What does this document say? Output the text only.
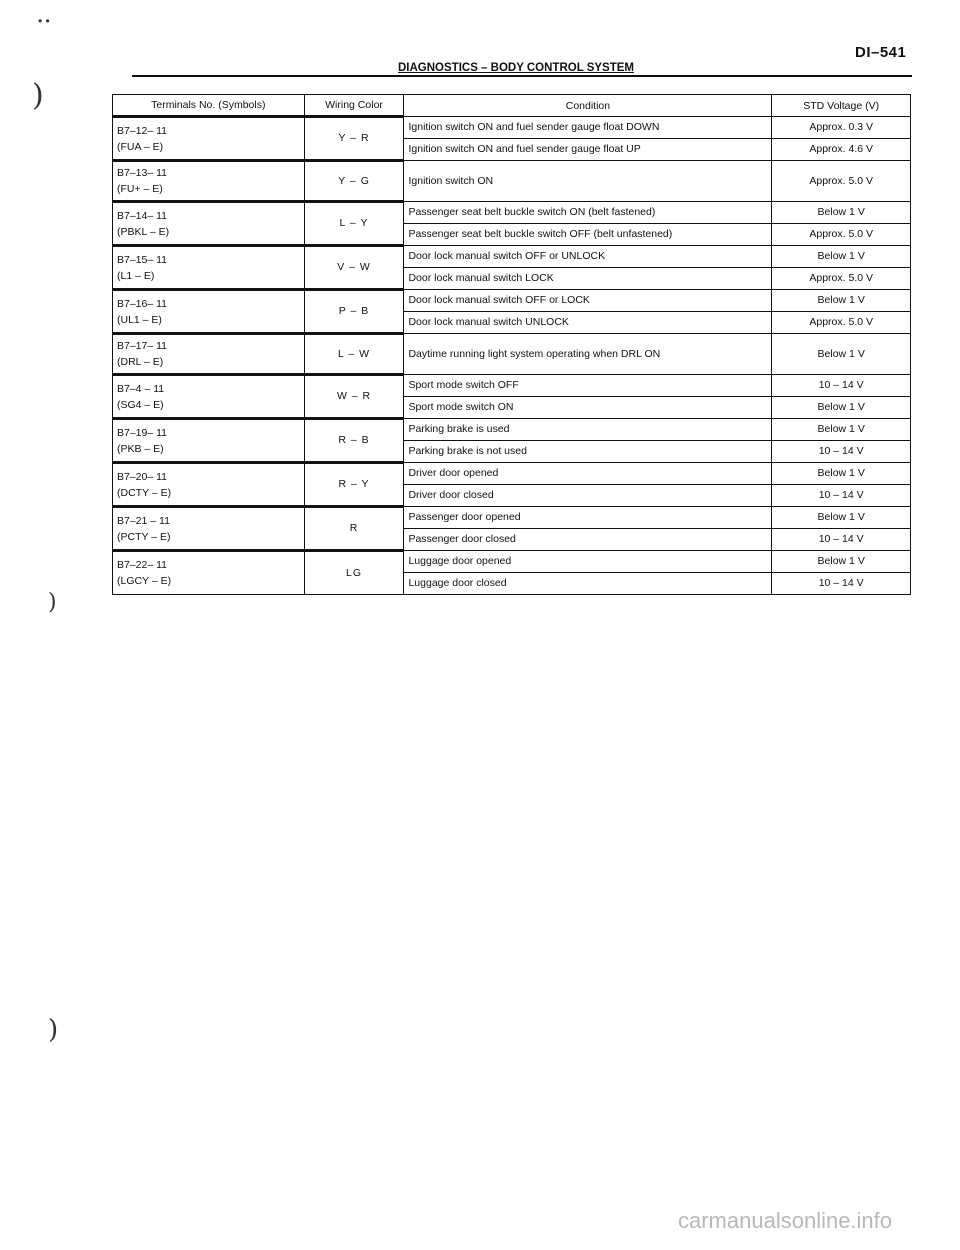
• •
)
)
)
DI–541
DIAGNOSTICS – BODY CONTROL SYSTEM
Terminals No. (Symbols)	Wiring Color	Condition	STD Voltage (V)

B7–12– 11
(FUA – E)	Y – R	Ignition switch ON and fuel sender gauge float DOWN	Approx. 0.3 V
		Ignition switch ON and fuel sender gauge float UP	Approx. 4.6 V

B7–13– 11
(FU+ – E)	Y – G	Ignition switch ON	Approx. 5.0 V

B7–14– 11
(PBKL – E)	L – Y	Passenger seat belt buckle switch ON (belt fastened)	Below 1 V
		Passenger seat belt buckle switch OFF (belt unfastened)	Approx. 5.0 V

B7–15– 11
(L1 – E)	V – W	Door lock manual switch OFF or UNLOCK	Below 1 V
		Door lock manual switch LOCK	Approx. 5.0 V

B7–16– 11
(UL1 – E)	P – B	Door lock manual switch OFF or LOCK	Below 1 V
		Door lock manual switch UNLOCK	Approx. 5.0 V

B7–17– 11
(DRL – E)	L – W	Daytime running light system operating when DRL ON	Below 1 V

B7–4 – 11
(SG4 – E)	W – R	Sport mode switch OFF	10 – 14 V
		Sport mode switch ON	Below 1 V

B7–19– 11
(PKB – E)	R – B	Parking brake is used	Below 1 V
		Parking brake is not used	10 – 14 V

B7–20– 11
(DCTY – E)	R – Y	Driver door opened	Below 1 V
		Driver door closed	10 – 14 V

B7–21 – 11
(PCTY – E)	R	Passenger door opened	Below 1 V
		Passenger door closed	10 – 14 V

B7–22– 11
(LGCY – E)	LG	Luggage door opened	Below 1 V
		Luggage door closed	10 – 14 V
carmanualsonline.info
